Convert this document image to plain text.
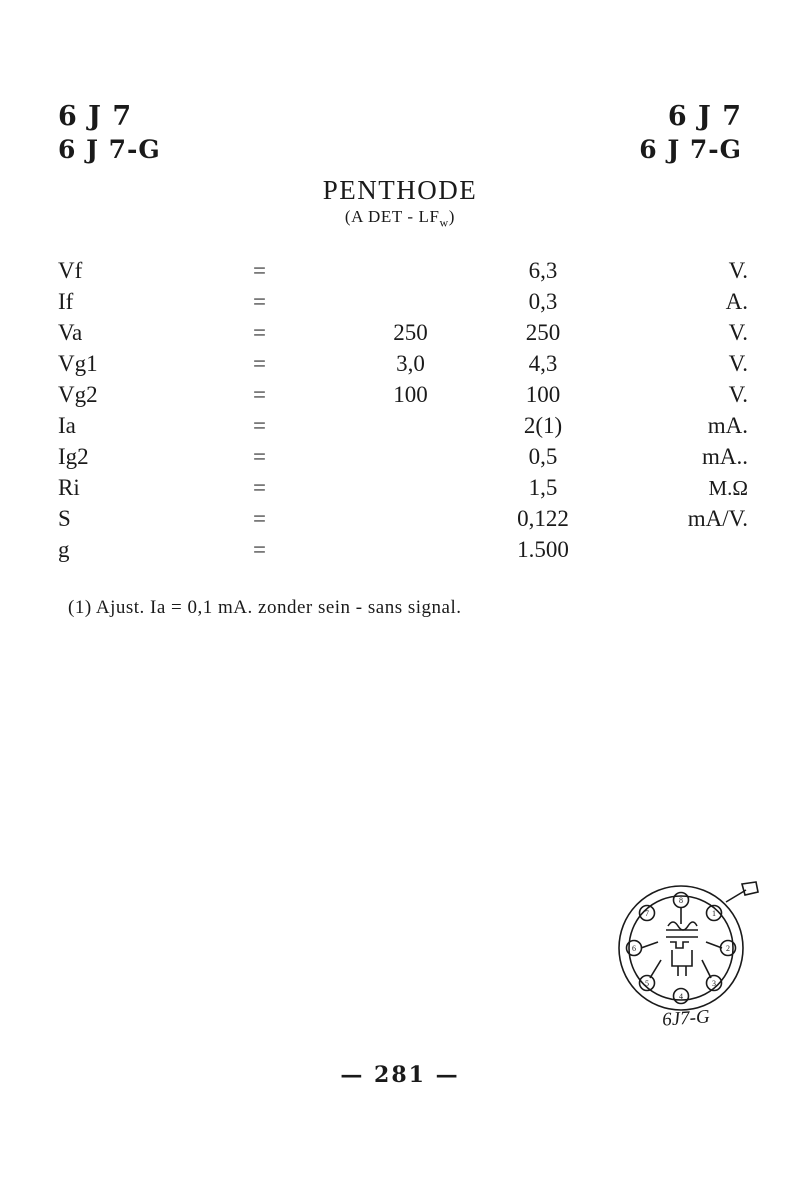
6 J 7
6 J 7-G
6 J 7
6 J 7-G
PENTHODE
(A DET - $LF_w$)
Vf	=		6,3	V.
If	=		0,3	A.
Va	=	250	250	V.
Vg1	=	3,0	4,3	V.
Vg2	=	100	100	V.
Ia	=		2(1)	mA.
Ig2	=		0,5	mA..
Ri	=		1,5	M.Ω
S	=		0,122	mA/V.
g	=		1.500	
(1) Ajust. Ia = 0,1 mA. zonder sein - sans signal.
8
1
2
3
4
5
6
7
6J7-G
— 281 —
